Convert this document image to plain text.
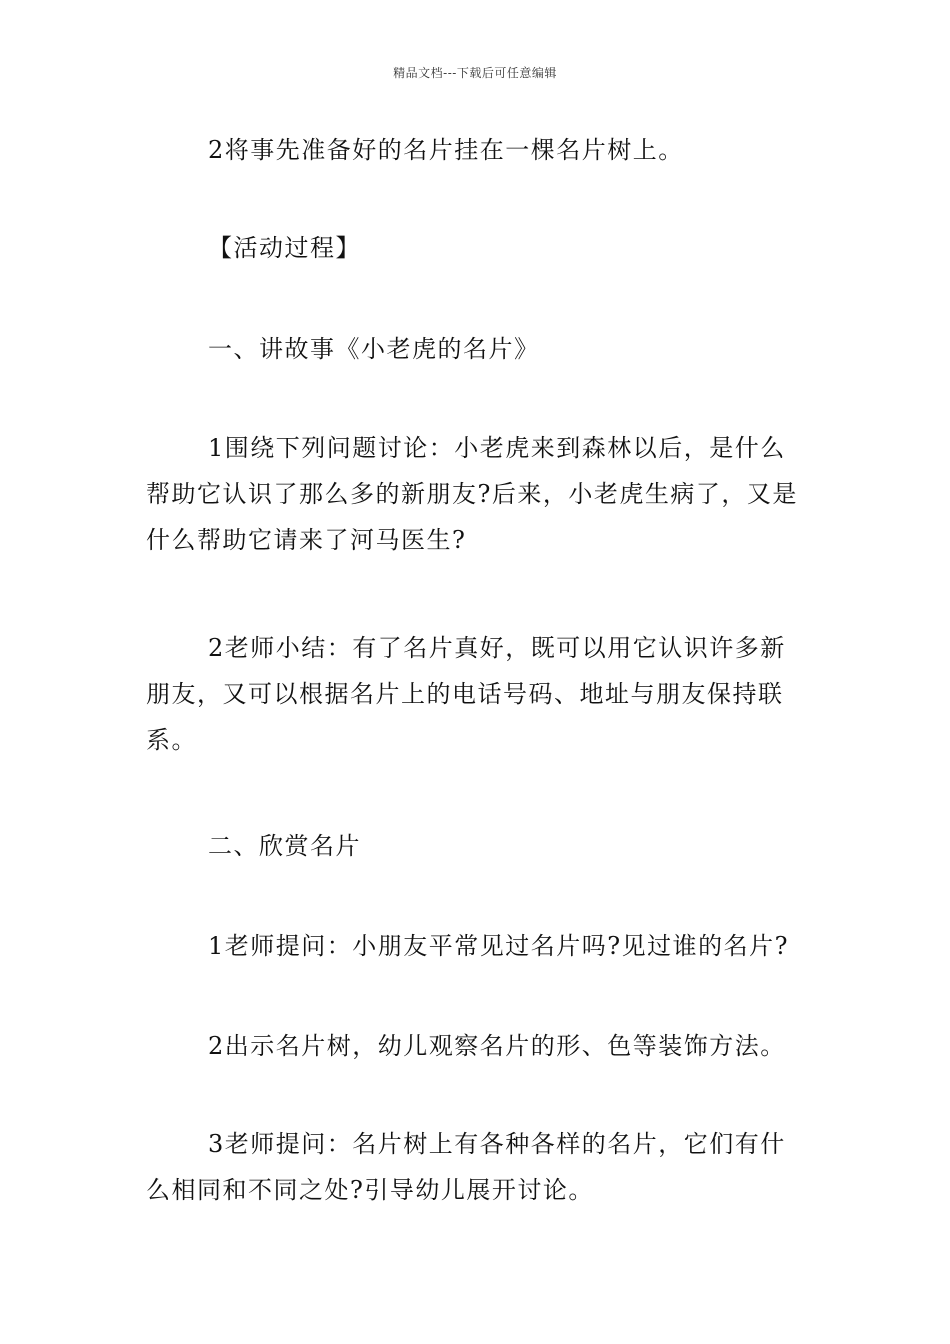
精品文档---下载后可任意编辑
2将事先准备好的名片挂在一棵名片树上。
【活动过程】
一、讲故事《小老虎的名片》
1围绕下列问题讨论：小老虎来到森林以后，是什么帮助它认识了那么多的新朋友?后来，小老虎生病了，又是什么帮助它请来了河马医生?
2老师小结：有了名片真好，既可以用它认识许多新朋友，又可以根据名片上的电话号码、地址与朋友保持联系。
二、欣赏名片
1老师提问：小朋友平常见过名片吗?见过谁的名片?
2出示名片树，幼儿观察名片的形、色等装饰方法。
3老师提问：名片树上有各种各样的名片，它们有什么相同和不同之处?引导幼儿展开讨论。
